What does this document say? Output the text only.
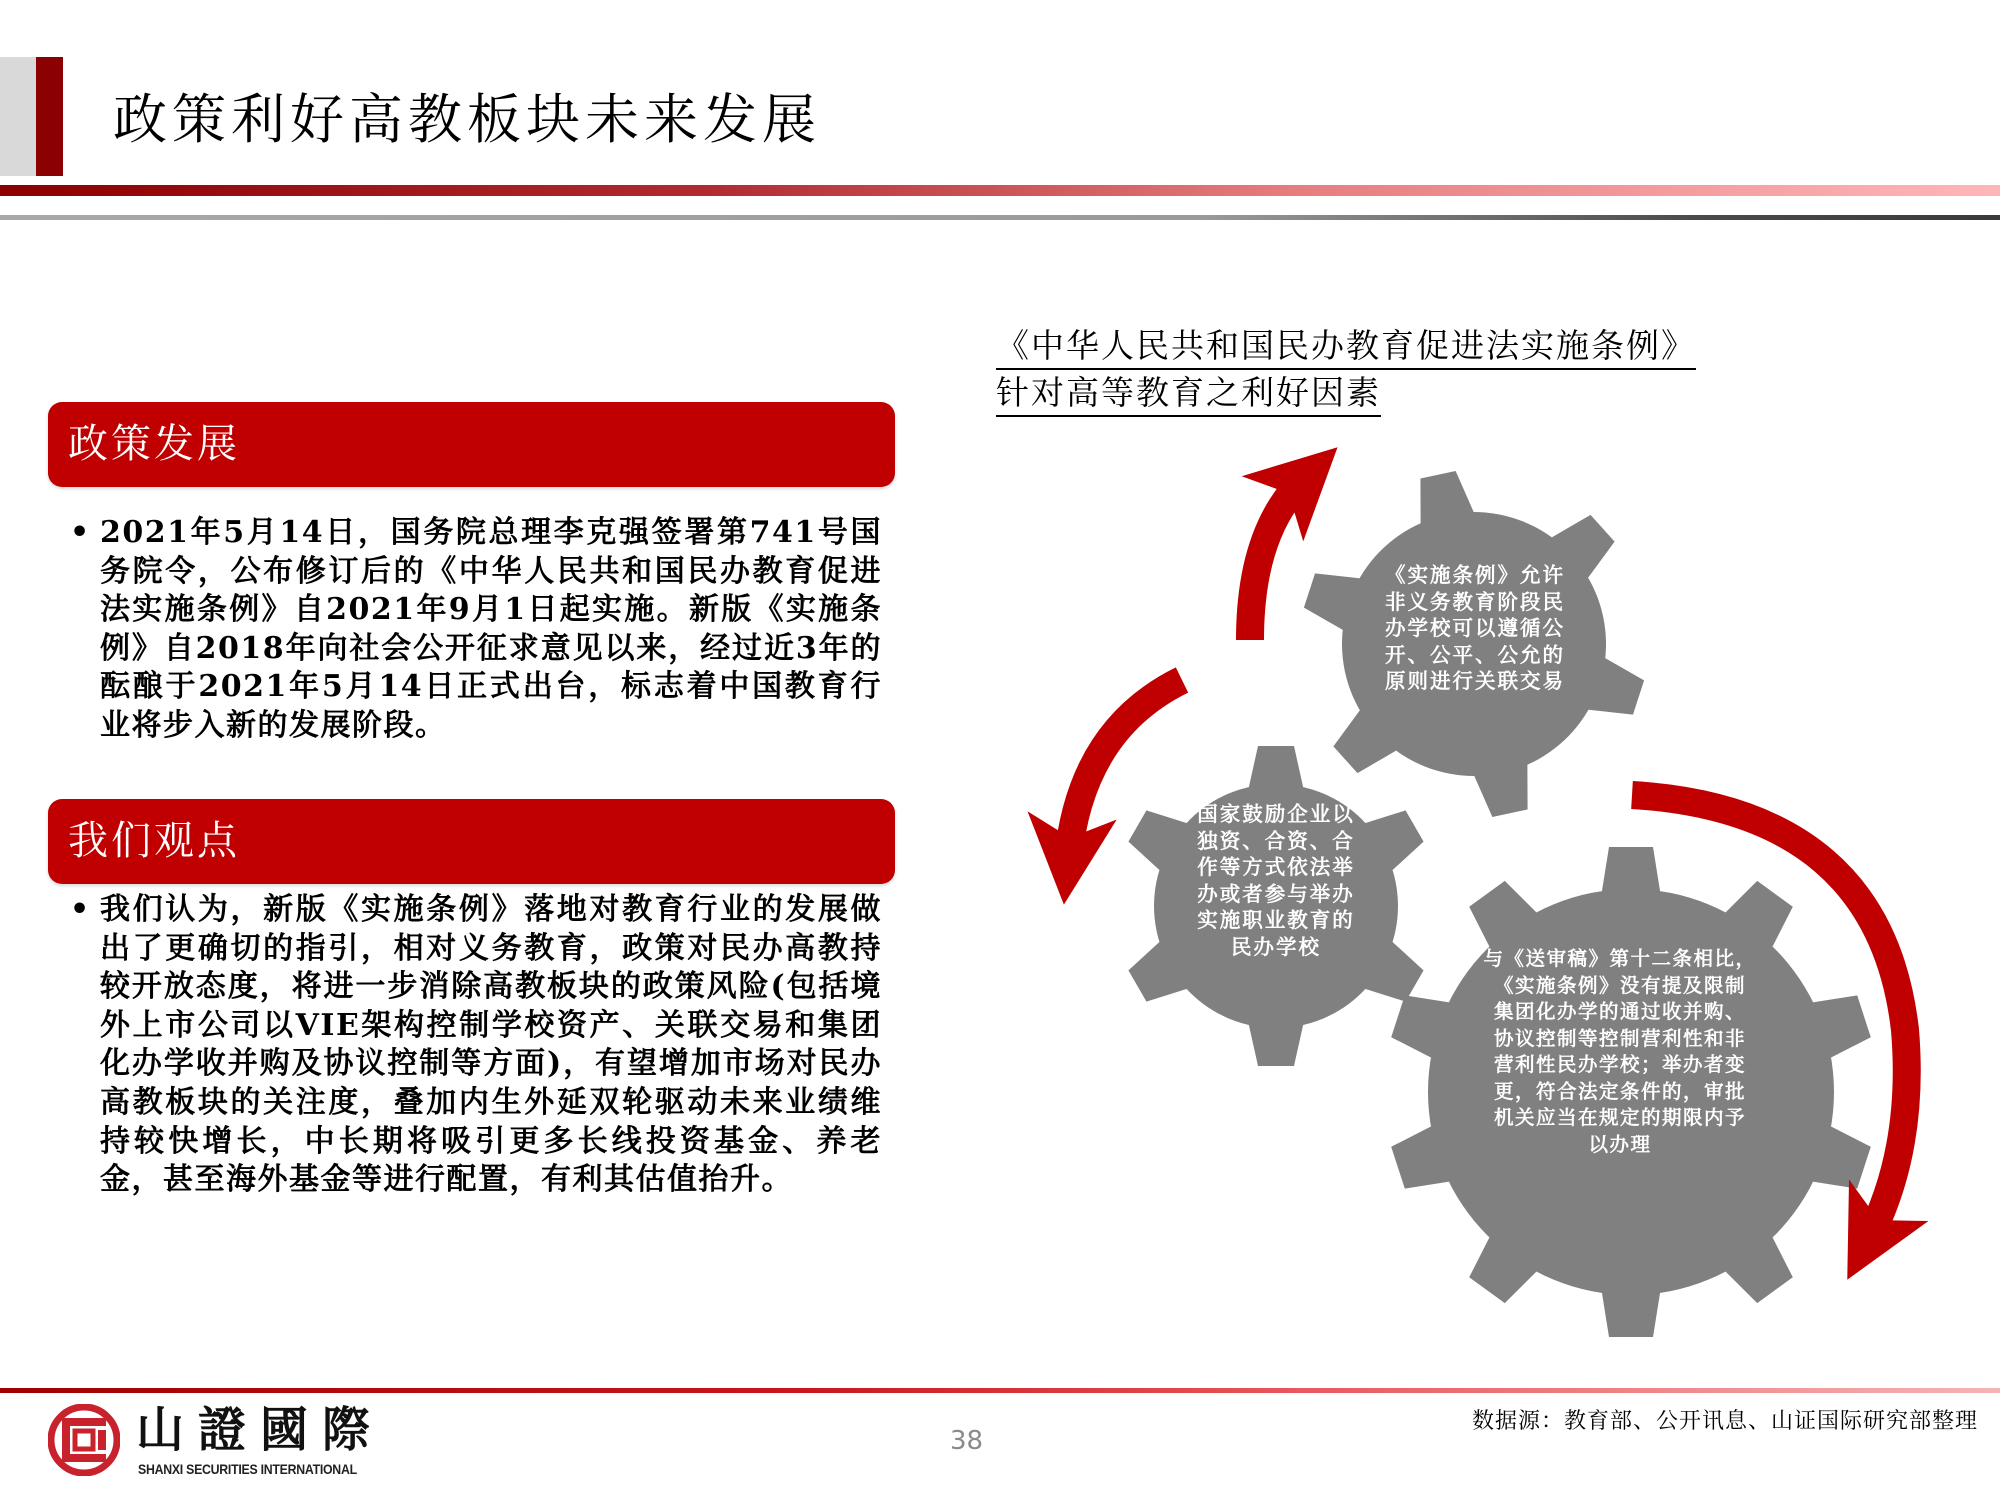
政策利好高教板块未来发展
政策发展
• 2021年5月14日，国务院总理李克强签署第741号国务院令，公布修订后的《中华人民共和国民办教育促进法实施条例》自2021年9月1日起实施。新版《实施条例》自2018年向社会公开征求意见以来，经过近3年的酝酿于2021年5月14日正式出台，标志着中国教育行业将步入新的发展阶段。
我们观点
• 我们认为，新版《实施条例》落地对教育行业的发展做出了更确切的指引，相对义务教育，政策对民办高教持较开放态度，将进一步消除高教板块的政策风险(包括境外上市公司以VIE架构控制学校资产、关联交易和集团化办学收并购及协议控制等方面)，有望增加市场对民办高教板块的关注度，叠加内生外延双轮驱动未来业绩维持较快增长，中长期将吸引更多长线投资基金、养老金，甚至海外基金等进行配置，有利其估值抬升。
《中华人民共和国民办教育促进法实施条例》
针对高等教育之利好因素
《实施条例》允许
非义务教育阶段民
办学校可以遵循公
开、公平、公允的
原则进行关联交易
国家鼓励企业以
独资、合资、合
作等方式依法举
办或者参与举办
实施职业教育的
民办学校	与《送审稿》第十二条相比，
《实施条例》没有提及限制
集团化办学的通过收并购、
协议控制等控制营利性和非
营利性民办学校；举办者变
更，符合法定条件的，审批
机关应当在规定的期限内予
以办理
山證國際
SHANXI SECURITIES INTERNATIONAL
38
数据源：教育部、公开讯息、山证国际研究部整理
